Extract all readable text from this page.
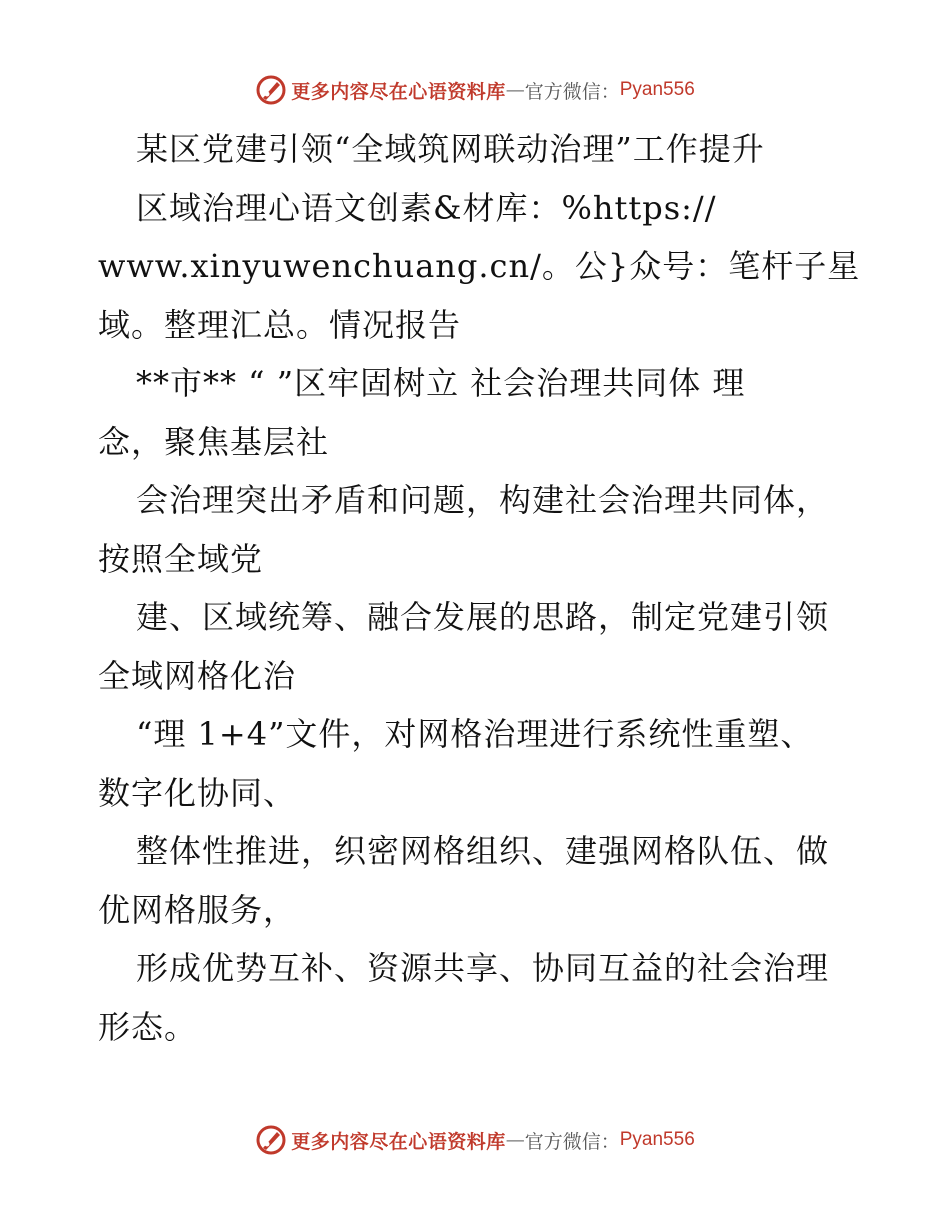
更多内容尽在心语资料库 — 官方微信： Pyan556
某区党建引领“全域筑网联动治理”工作提升
区域治理心语文创素&材库：%https://
www.xinyuwenchuang.cn/。公}众号：笔杆子星
域。整理汇总。情况报告
**市** “ ”区牢固树立 社会治理共同体 理
念，聚焦基层社
会治理突出矛盾和问题，构建社会治理共同体，
按照全域党
建、区域统筹、融合发展的思路，制定党建引领
全域网格化治
“理 1+4”文件，对网格治理进行系统性重塑、
数字化协同、
整体性推进，织密网格组织、建强网格队伍、做
优网格服务，
形成优势互补、资源共享、协同互益的社会治理
形态。
更多内容尽在心语资料库 — 官方微信： Pyan556
